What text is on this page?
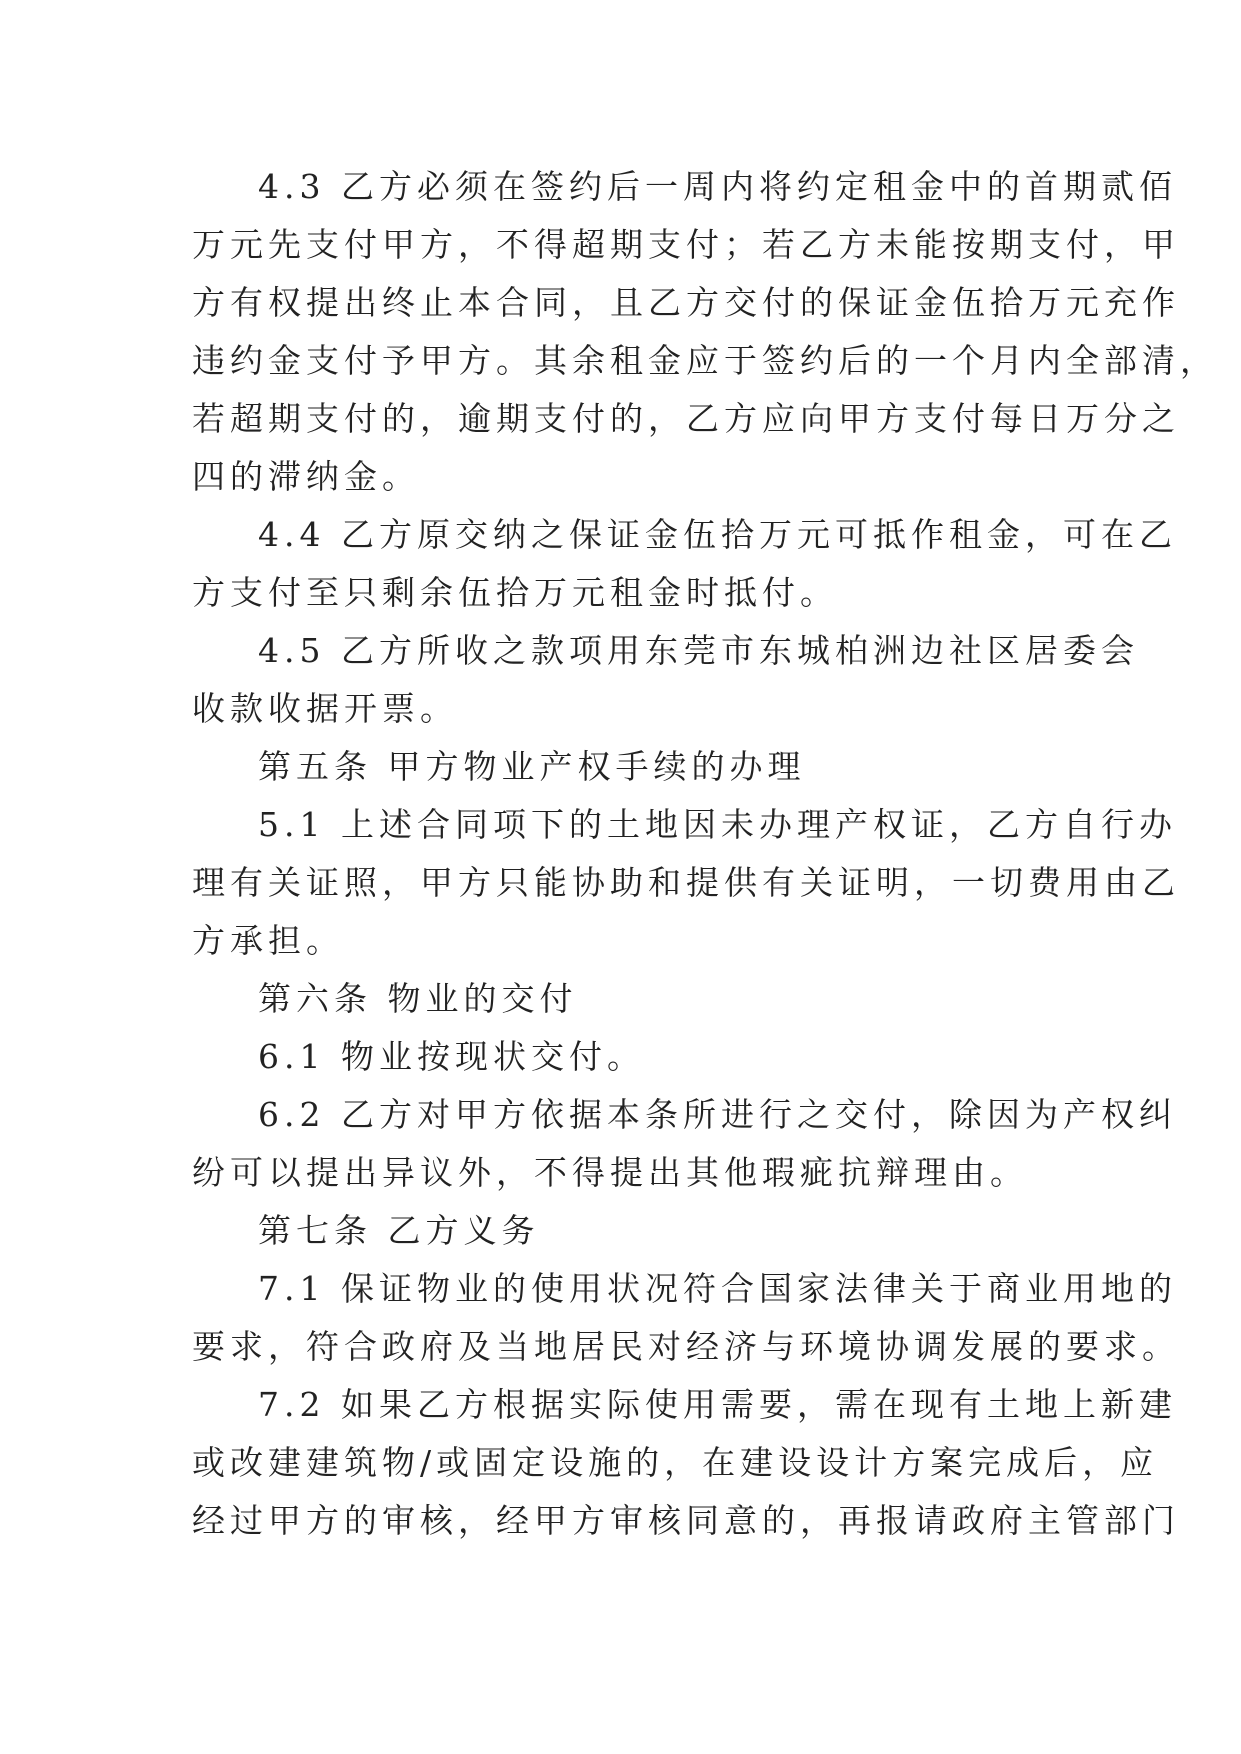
4.3 乙方必须在签约后一周内将约定租金中的首期贰佰
万元先支付甲方，不得超期支付；若乙方未能按期支付，甲
方有权提出终止本合同，且乙方交付的保证金伍拾万元充作
违约金支付予甲方。其余租金应于签约后的一个月内全部清，
若超期支付的，逾期支付的，乙方应向甲方支付每日万分之
四的滞纳金。
4.4 乙方原交纳之保证金伍拾万元可抵作租金，可在乙
方支付至只剩余伍拾万元租金时抵付。
4.5 乙方所收之款项用东莞市东城柏洲边社区居委会
收款收据开票。
第五条 甲方物业产权手续的办理
5.1 上述合同项下的土地因未办理产权证，乙方自行办
理有关证照，甲方只能协助和提供有关证明，一切费用由乙
方承担。
第六条 物业的交付
6.1 物业按现状交付。
6.2 乙方对甲方依据本条所进行之交付，除因为产权纠
纷可以提出异议外，不得提出其他瑕疵抗辩理由。
第七条 乙方义务
7.1 保证物业的使用状况符合国家法律关于商业用地的
要求，符合政府及当地居民对经济与环境协调发展的要求。
7.2 如果乙方根据实际使用需要，需在现有土地上新建
或改建建筑物/或固定设施的，在建设设计方案完成后，应
经过甲方的审核，经甲方审核同意的，再报请政府主管部门
